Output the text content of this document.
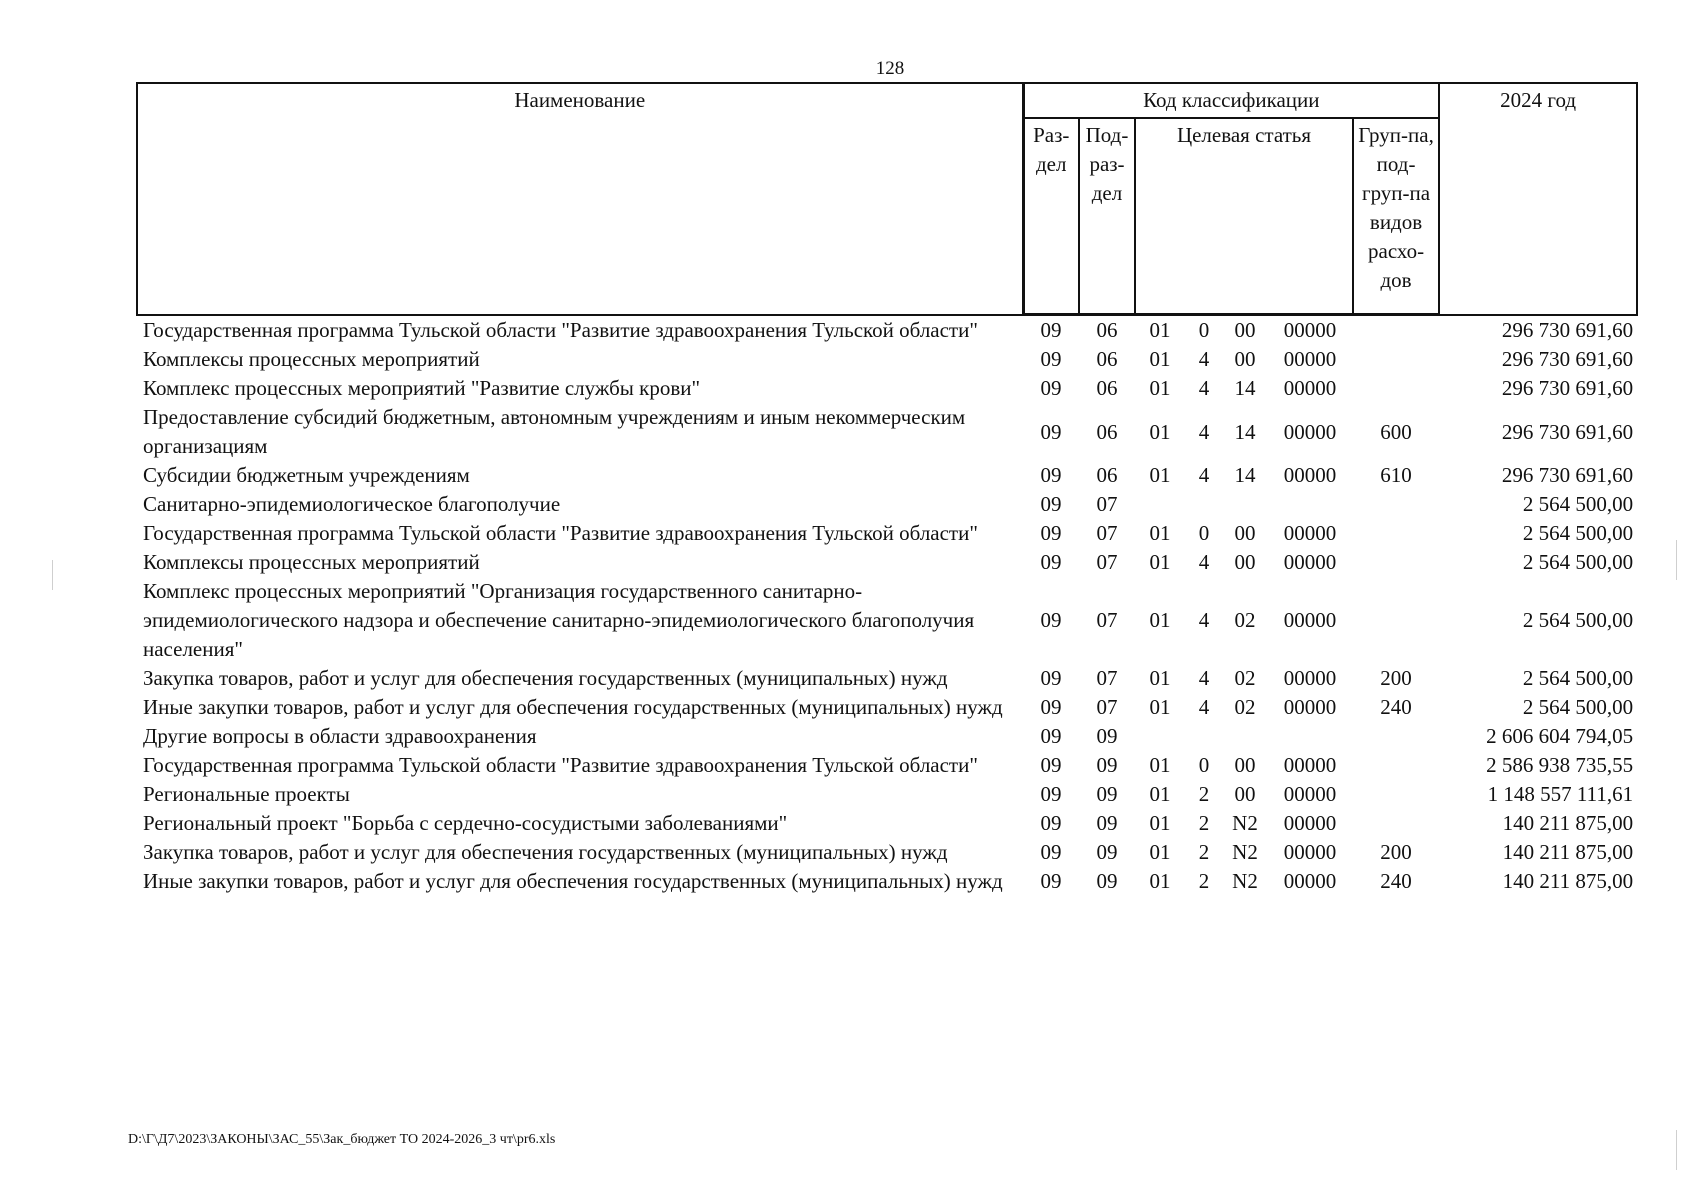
128
Наименование	Код классификации							2024 год
	Раз-дел	Под-раз-дел	Целевая статья				Груп-па, под-груп-па видов расхо-дов	
Государственная программа Тульской области "Развитие здравоохранения Тульской области"	09	06	01	0	00	00000		296 730 691,60
Комплексы процессных мероприятий	09	06	01	4	00	00000		296 730 691,60
Комплекс процессных мероприятий "Развитие службы крови"	09	06	01	4	14	00000		296 730 691,60
Предоставление субсидий бюджетным, автономным учреждениям и иным некоммерческим организациям	09	06	01	4	14	00000	600	296 730 691,60
Субсидии бюджетным учреждениям	09	06	01	4	14	00000	610	296 730 691,60
Санитарно-эпидемиологическое благополучие	09	07						2 564 500,00
Государственная программа Тульской области "Развитие здравоохранения Тульской области"	09	07	01	0	00	00000		2 564 500,00
Комплексы процессных мероприятий	09	07	01	4	00	00000		2 564 500,00
Комплекс процессных мероприятий "Организация государственного санитарно-эпидемиологического надзора и обеспечение санитарно-эпидемиологического благополучия населения"	09	07	01	4	02	00000		2 564 500,00
Закупка товаров, работ и услуг для обеспечения государственных (муниципальных) нужд	09	07	01	4	02	00000	200	2 564 500,00
Иные закупки товаров, работ и услуг для обеспечения государственных (муниципальных) нужд	09	07	01	4	02	00000	240	2 564 500,00
Другие вопросы в области здравоохранения	09	09						2 606 604 794,05
Государственная программа Тульской области "Развитие здравоохранения Тульской области"	09	09	01	0	00	00000		2 586 938 735,55
Региональные проекты	09	09	01	2	00	00000		1 148 557 111,61
Региональный проект "Борьба с сердечно-сосудистыми заболеваниями"	09	09	01	2	N2	00000		140 211 875,00
Закупка товаров, работ и услуг для обеспечения государственных (муниципальных) нужд	09	09	01	2	N2	00000	200	140 211 875,00
Иные закупки товаров, работ и услуг для обеспечения государственных (муниципальных) нужд	09	09	01	2	N2	00000	240	140 211 875,00
D:\Г\Д7\2023\ЗАКОНЫ\ЗАС_55\Зак_бюджет ТО 2024-2026_3 чт\pr6.xls
